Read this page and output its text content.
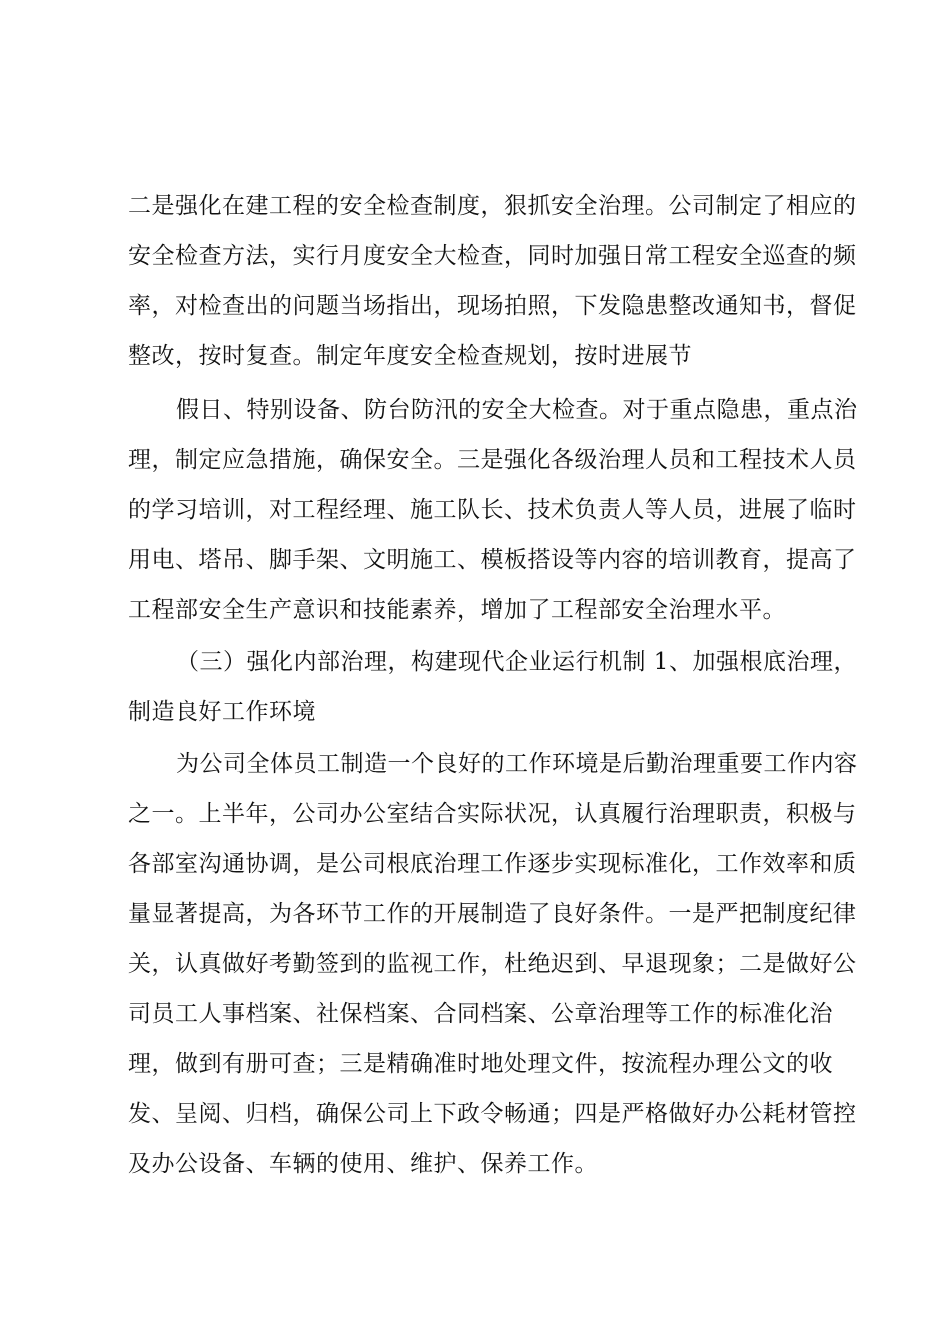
二是强化在建工程的安全检查制度，狠抓安全治理。公司制定了相应的
安全检查方法，实行月度安全大检查，同时加强日常工程安全巡查的频
率，对检查出的问题当场指出，现场拍照，下发隐患整改通知书，督促
整改，按时复查。制定年度安全检查规划，按时进展节
假日、特别设备、防台防汛的安全大检查。对于重点隐患，重点治
理，制定应急措施，确保安全。三是强化各级治理人员和工程技术人员
的学习培训，对工程经理、施工队长、技术负责人等人员，进展了临时
用电、塔吊、脚手架、文明施工、模板搭设等内容的培训教育，提高了
工程部安全生产意识和技能素养，增加了工程部安全治理水平。
（三）强化内部治理，构建现代企业运行机制 1、加强根底治理，
制造良好工作环境
为公司全体员工制造一个良好的工作环境是后勤治理重要工作内容
之一。上半年，公司办公室结合实际状况，认真履行治理职责，积极与
各部室沟通协调，是公司根底治理工作逐步实现标准化，工作效率和质
量显著提高，为各环节工作的开展制造了良好条件。一是严把制度纪律
关，认真做好考勤签到的监视工作，杜绝迟到、早退现象；二是做好公
司员工人事档案、社保档案、合同档案、公章治理等工作的标准化治
理，做到有册可查；三是精确准时地处理文件，按流程办理公文的收
发、呈阅、归档，确保公司上下政令畅通；四是严格做好办公耗材管控
及办公设备、车辆的使用、维护、保养工作。
